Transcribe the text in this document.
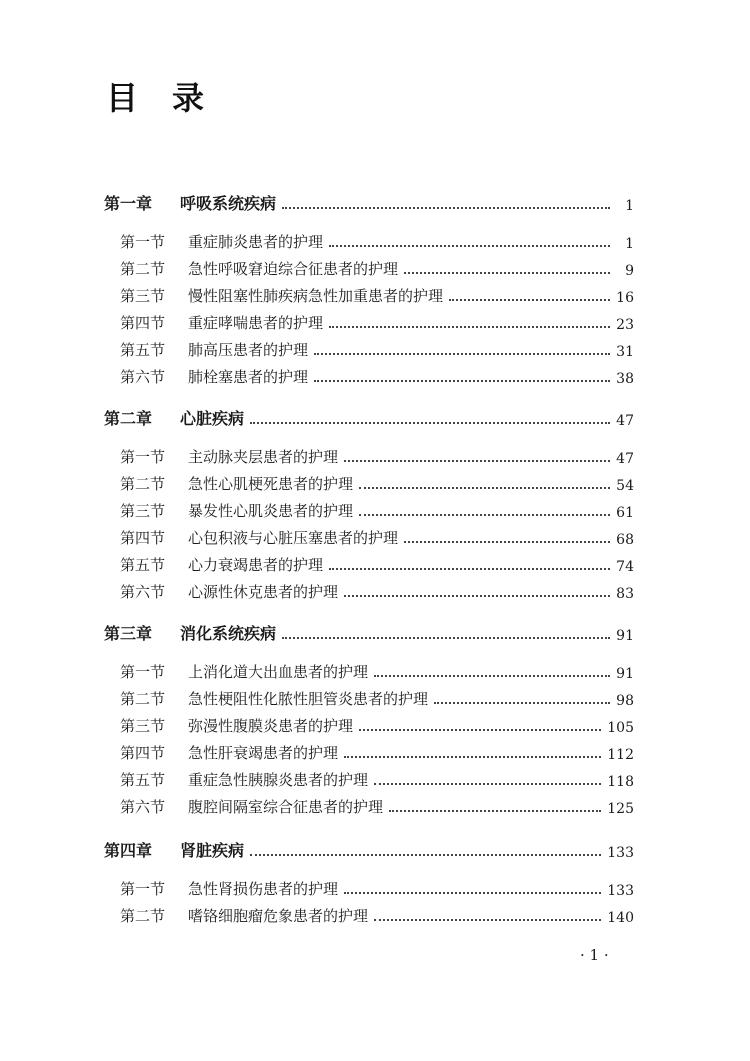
目 录
第一章	呼吸系统疾病	1
第一节	重症肺炎患者的护理	1
第二节	急性呼吸窘迫综合征患者的护理	9
第三节	慢性阻塞性肺疾病急性加重患者的护理	16
第四节	重症哮喘患者的护理	23
第五节	肺高压患者的护理	31
第六节	肺栓塞患者的护理	38
第二章	心脏疾病	47
第一节	主动脉夹层患者的护理	47
第二节	急性心肌梗死患者的护理	54
第三节	暴发性心肌炎患者的护理	61
第四节	心包积液与心脏压塞患者的护理	68
第五节	心力衰竭患者的护理	74
第六节	心源性休克患者的护理	83
第三章	消化系统疾病	91
第一节	上消化道大出血患者的护理	91
第二节	急性梗阻性化脓性胆管炎患者的护理	98
第三节	弥漫性腹膜炎患者的护理	105
第四节	急性肝衰竭患者的护理	112
第五节	重症急性胰腺炎患者的护理	118
第六节	腹腔间隔室综合征患者的护理	125
第四章	肾脏疾病	133
第一节	急性肾损伤患者的护理	133
第二节	嗜铬细胞瘤危象患者的护理	140
· 1 ·
